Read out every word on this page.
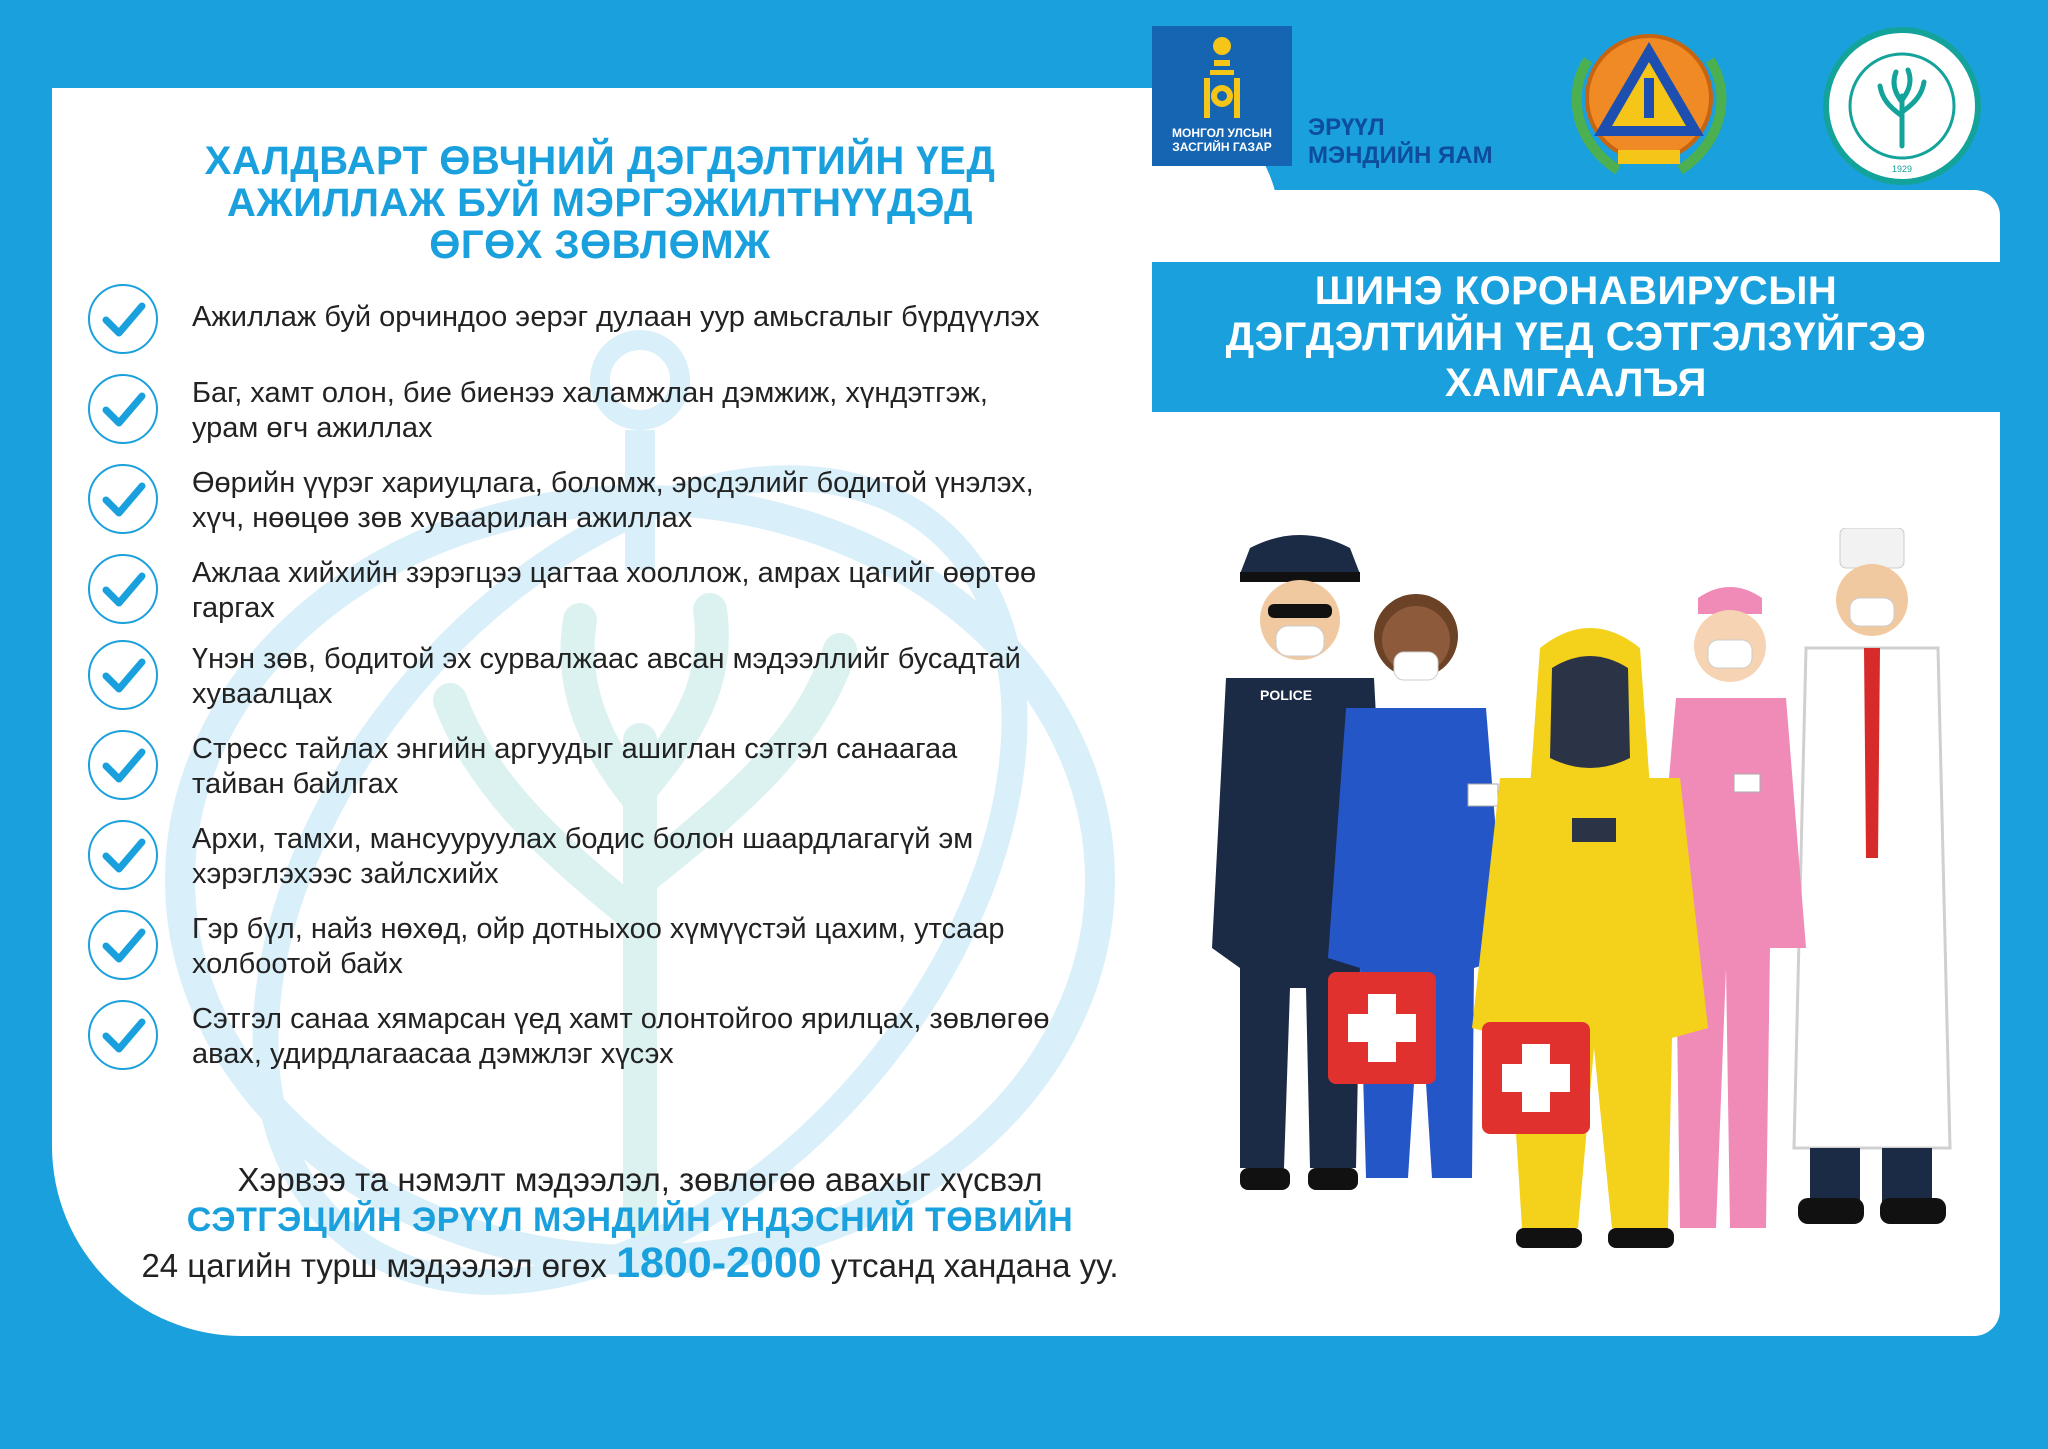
МОНГОЛ УЛСЫН ЗАСГИЙН ГАЗАР
ЭРҮҮЛ
МЭНДИЙН ЯАМ	1929
ХАЛДВАРТ ӨВЧНИЙ ДЭГДЭЛТИЙН ҮЕД
АЖИЛЛАЖ БУЙ МЭРГЭЖИЛТНҮҮДЭД
ӨГӨХ ЗӨВЛӨМЖ
Ажиллаж буй орчиндоо эерэг дулаан уур амьсгалыг бүрдүүлэх
Баг, хамт олон, бие биенээ халамжлан дэмжиж, хүндэтгэж,
урам өгч ажиллах
Өөрийн үүрэг хариуцлага, боломж, эрсдэлийг бодитой үнэлэх,
хүч, нөөцөө зөв хуваарилан ажиллах
Ажлаа хийхийн зэрэгцээ цагтаа хооллож, амрах цагийг өөртөө
гаргах
Үнэн зөв, бодитой эх сурвалжаас авсан мэдээллийг бусадтай
хуваалцах
Стресс тайлах энгийн аргуудыг ашиглан сэтгэл санаагаа
тайван байлгах
Архи, тамхи, мансууруулах бодис болон шаардлагагүй эм
хэрэглэхээс зайлсхийх
Гэр бүл, найз нөхөд, ойр дотныхоо хүмүүстэй цахим, утсаар
холбоотой байх
Сэтгэл санаа хямарсан үед хамт олонтойгоо ярилцах, зөвлөгөө
авах, удирдлагаасаа дэмжлэг хүсэх
Хэрвээ та нэмэлт мэдээлэл, зөвлөгөө авахыг хүсвэл
СЭТГЭЦИЙН ЭРҮҮЛ МЭНДИЙН ҮНДЭСНИЙ ТӨВИЙН
24 цагийн турш мэдээлэл өгөх 1800-2000 утсанд хандана уу.
ШИНЭ КОРОНАВИРУСЫН
ДЭГДЭЛТИЙН ҮЕД СЭТГЭЛЗҮЙГЭЭ
ХАМГААЛЪЯ
POLICE
